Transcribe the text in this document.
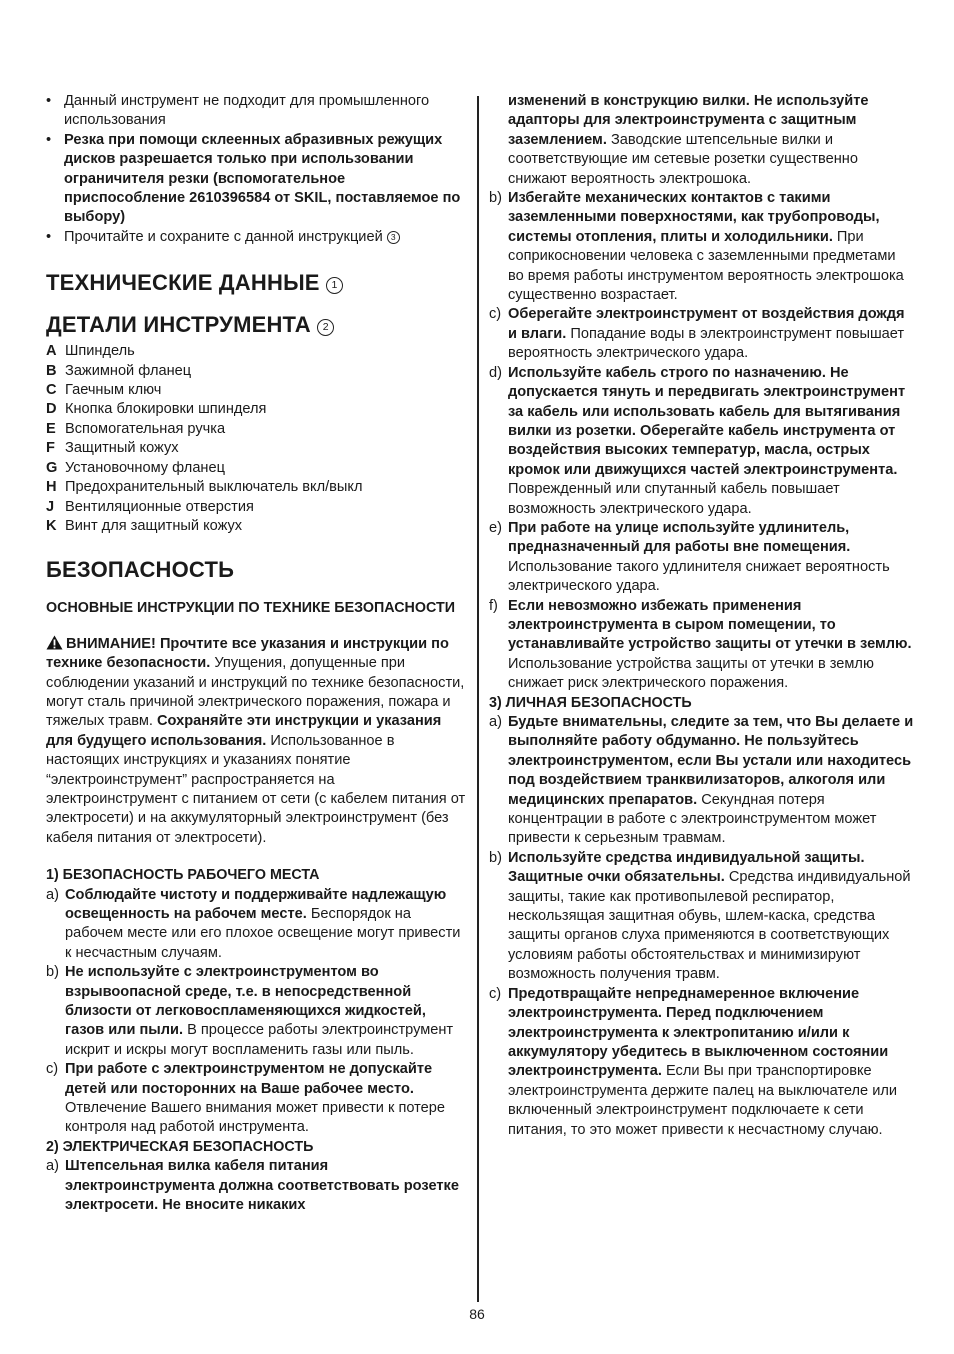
• Данный инструмент не подходит для промышленного использования
• Резка при помощи склеенных абразивных режущих дисков разрешается только при использовании ограничителя резки (вспомогательное приспособление 2610396584 от SKIL, поставляемое по выбору)
• Прочитайте и сохраните с данной инструкцией 3
ТЕХНИЧЕСКИЕ ДАННЫЕ 1
ДЕТАЛИ ИНСТРУМЕНТА 2
A Шпиндель
B Зажимной фланец
C Гаечным ключ
D Кнопка блокировки шпинделя
E Вспомогательная ручка
F Защитный кожух
G Установочному фланец
H Предохранительный выключатель вкл/выкл
J Вентиляционные отверстия
K Винт для защитный кожух
БЕЗОПАСНОСТЬ
ОСНОВНЫЕ ИНСТРУКЦИИ ПО ТЕХНИКЕ БЕЗОПАСНОСТИ
ВНИМАНИЕ! Прочтите все указания и инструкции по технике безопасности. Упущения, допущенные при соблюдении указаний и инструкций по технике безопасности, могут сталь причиной электрического поражения, пожара и тяжелых травм. Сохраняйте эти инструкции и указания для будущего использования. Использованное в настоящих инструкциях и указаниях понятие “электроинструмент” распространяется на электроинструмент с питанием от сети (с кабелем питания от электросети) и на аккумуляторный электроинструмент (без кабеля питания от электросети).
1) БЕЗОПАСНОСТЬ РАБОЧЕГО МЕСТА
a) Соблюдайте чистоту и поддерживайте надлежащую освещенность на рабочем месте. Беспорядок на рабочем месте или его плохое освещение могут привести к несчастным случаям.
b) Не используйте с электроинструментом во взрывоопасной среде, т.е. в непосредственной близости от легковоспламеняющихся жидкостей, газов или пыли. В процессе работы электроинструмент искрит и искры могут воспламенить газы или пыль.
c) При работе с электроинструментом не допускайте детей или посторонних на Ваше рабочее место. Отвлечение Вашего внимания может привести к потере контроля над работой инструмента.
2) ЭЛЕКТРИЧЕСКАЯ БЕЗОПАСНОСТЬ
a) Штепсельная вилка кабеля питания электроинструмента должна соответствовать розетке электросети. Не вносите никаких
изменений в конструкцию вилки. Не используйте адапторы для электроинструмента с защитным заземлением. Заводские штепсельные вилки и соответствующие им сетевые розетки существенно снижают вероятность электрошока.
b) Избегайте механических контактов с такими заземленными поверхностями, как трубопроводы, системы отопления, плиты и холодильники. При соприкосновении человека с заземленными предметами во время работы инструментом вероятность электрошока существенно возрастает.
c) Оберегайте электроинструмент от воздействия дождя и влаги. Попадание воды в электроинструмент повышает вероятность электрического удара.
d) Используйте кабель строго по назначению. Не допускается тянуть и передвигать электроинструмент за кабель или использовать кабель для вытягивания вилки из розетки. Оберегайте кабель инструмента от воздействия высоких температур, масла, острых кромок или движущихся частей электроинструмента. Поврежденный или спутанный кабель повышает возможность электрического удара.
e) При работе на улице используйте удлинитель, предназначенный для работы вне помещения. Использование такого удлинителя снижает вероятность электрического удара.
f) Если невозможно избежать применения электроинструмента в сыром помещении, то устанавливайте устройство защиты от утечки в землю. Использование устройства защиты от утечки в землю снижает риск электрического поражения.
3) ЛИЧНАЯ БЕЗОПАСНОСТЬ
a) Будьте внимательны, следите за тем, что Вы делаете и выполняйте работу обдуманно. Не пользуйтесь электроинструментом, если Вы устали или находитесь под воздействием транквилизаторов, алкоголя или медицинских препаратов. Секундная потеря концентрации в работе с электроинструментом может привести к серьезным травмам.
b) Используйте средства индивидуальной защиты. Защитные очки обязательны. Средства индивидуальной защиты, такие как противопылевой респиратор, нескользящая защитная обувь, шлем-каска, средства защиты органов слуха применяются в соответствующих условиям работы обстоятельствах и минимизируют возможность получения травм.
c) Предотвращайте непреднамеренное включение электроинструмента. Перед подключением электроинструмента к электропитанию и/или к аккумулятору убедитесь в выключенном состоянии электроинструмента. Если Вы при транспортировке электроинструмента держите палец на выключателе или включенный электроинструмент подключаете к сети питания, то это может привести к несчастному случаю.
86
